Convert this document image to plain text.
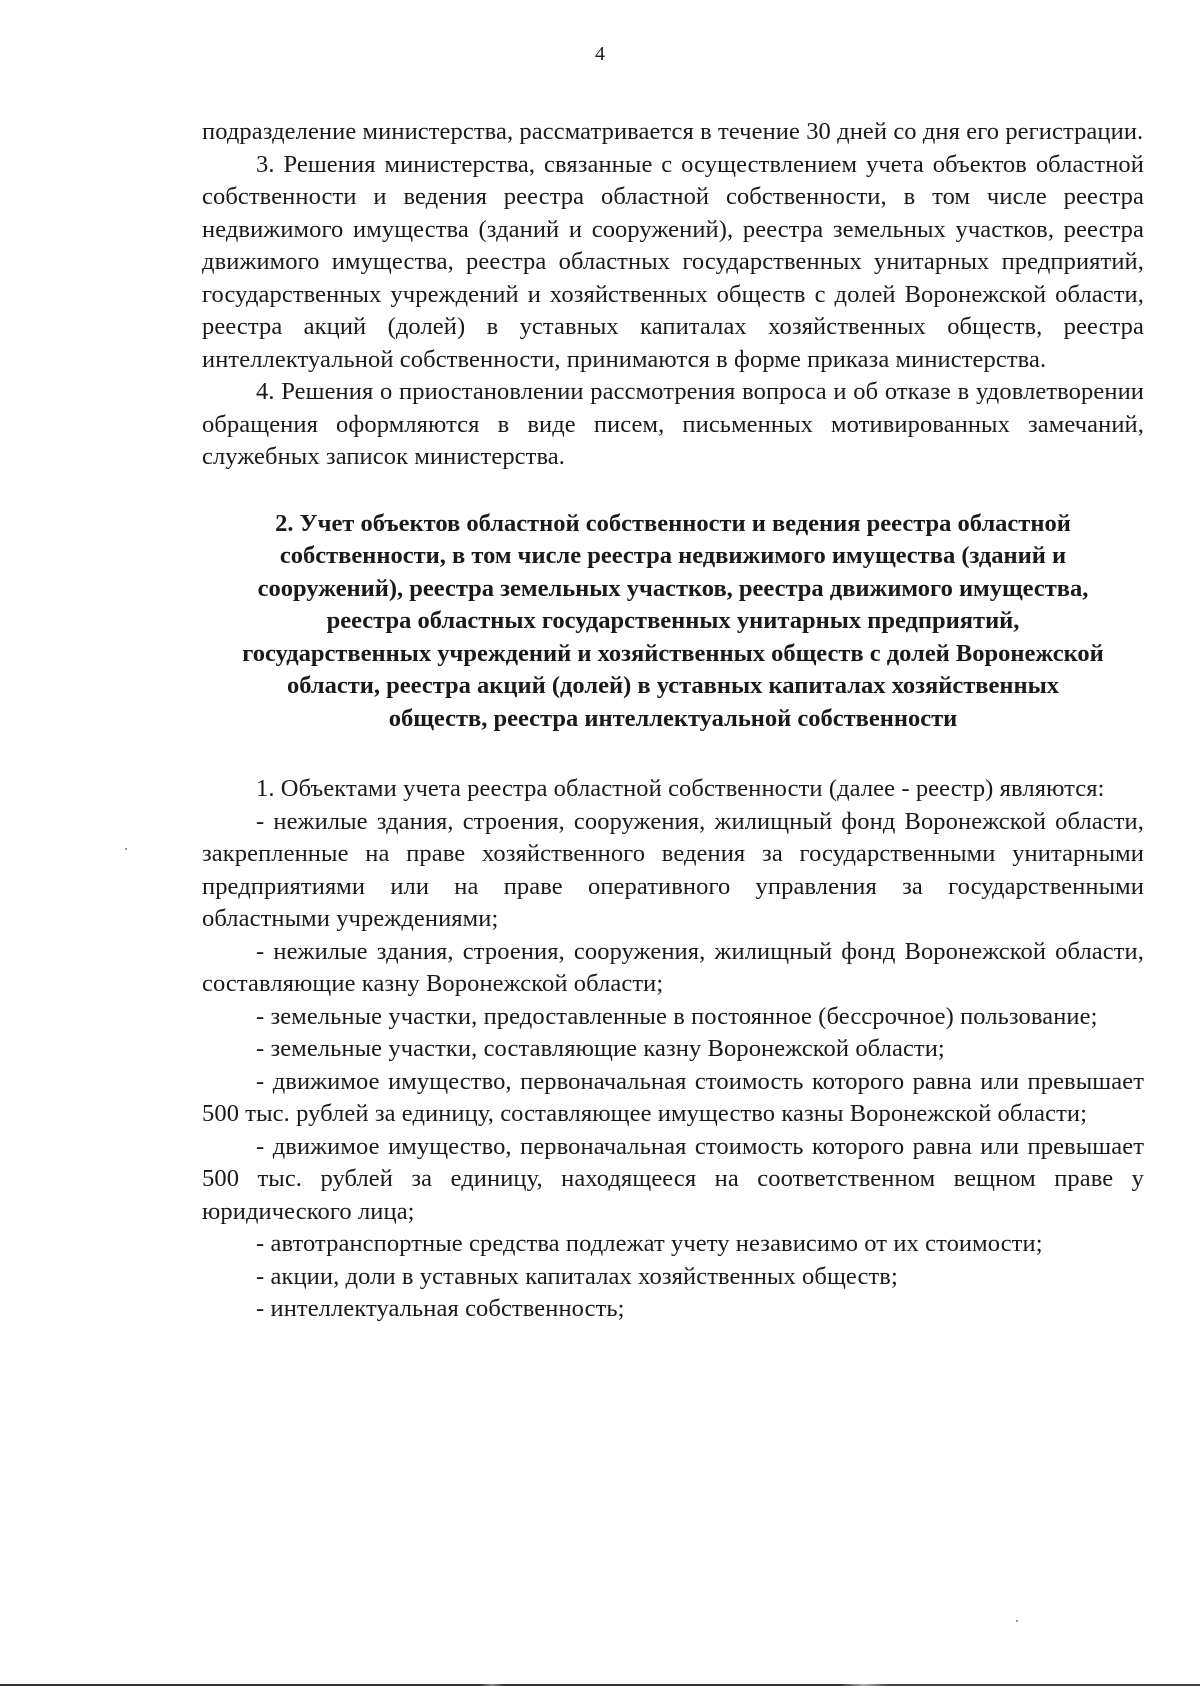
4

подразделение министерства, рассматривается в течение 30 дней со дня его регистрации.

3. Решения министерства, связанные с осуществлением учета объектов областной собственности и ведения реестра областной собственности, в том числе реестра недвижимого имущества (зданий и сооружений), реестра земельных участков, реестра движимого имущества, реестра областных государственных унитарных предприятий, государственных учреждений и хозяйственных обществ с долей Воронежской области, реестра акций (долей) в уставных капиталах хозяйственных обществ, реестра интеллектуальной собственности, принимаются в форме приказа министерства.

4. Решения о приостановлении рассмотрения вопроса и об отказе в удовлетворении обращения оформляются в виде писем, письменных мотивированных замечаний, служебных записок министерства.

2. Учет объектов областной собственности и ведения реестра областной собственности, в том числе реестра недвижимого имущества (зданий и сооружений), реестра земельных участков, реестра движимого имущества, реестра областных государственных унитарных предприятий, государственных учреждений и хозяйственных обществ с долей Воронежской области, реестра акций (долей) в уставных капиталах хозяйственных обществ, реестра интеллектуальной собственности

1. Объектами учета реестра областной собственности (далее - реестр) являются:

- нежилые здания, строения, сооружения, жилищный фонд Воронежской области, закрепленные на праве хозяйственного ведения за государственными унитарными предприятиями или на праве оперативного управления за государственными областными учреждениями;

- нежилые здания, строения, сооружения, жилищный фонд Воронежской области, составляющие казну Воронежской области;

- земельные участки, предоставленные в постоянное (бессрочное) пользование;

- земельные участки, составляющие казну Воронежской области;

- движимое имущество, первоначальная стоимость которого равна или превышает 500 тыс. рублей за единицу, составляющее имущество казны Воронежской области;

- движимое имущество, первоначальная стоимость которого равна или превышает 500 тыс. рублей за единицу, находящееся на соответственном вещном праве у юридического лица;

- автотранспортные средства подлежат учету независимо от их стоимости;

- акции, доли в уставных капиталах хозяйственных обществ;

- интеллектуальная собственность;
